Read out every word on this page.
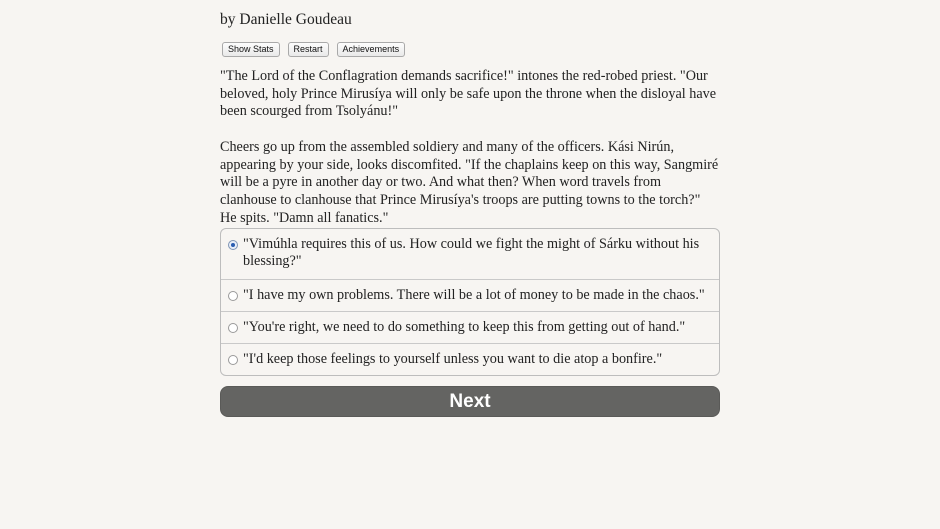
by Danielle Goudeau
Show Stats	Restart	Achievements

"The Lord of the Conflagration demands sacrifice!" intones the red-robed priest. "Our beloved, holy Prince Mirusíya will only be safe upon the throne when the disloyal have been scourged from Tsolyánu!"

Cheers go up from the assembled soldiery and many of the officers. Kási Nirún, appearing by your side, looks discomfited. "If the chaplains keep on this way, Sangmiré will be a pyre in another day or two. And what then? When word travels from clanhouse to clanhouse that Prince Mirusíya's troops are putting towns to the torch?" He spits. "Damn all fanatics."

"Vimúhla requires this of us. How could we fight the might of Sárku without his blessing?"
"I have my own problems. There will be a lot of money to be made in the chaos."
"You're right, we need to do something to keep this from getting out of hand."
"I'd keep those feelings to yourself unless you want to die atop a bonfire."
Next
